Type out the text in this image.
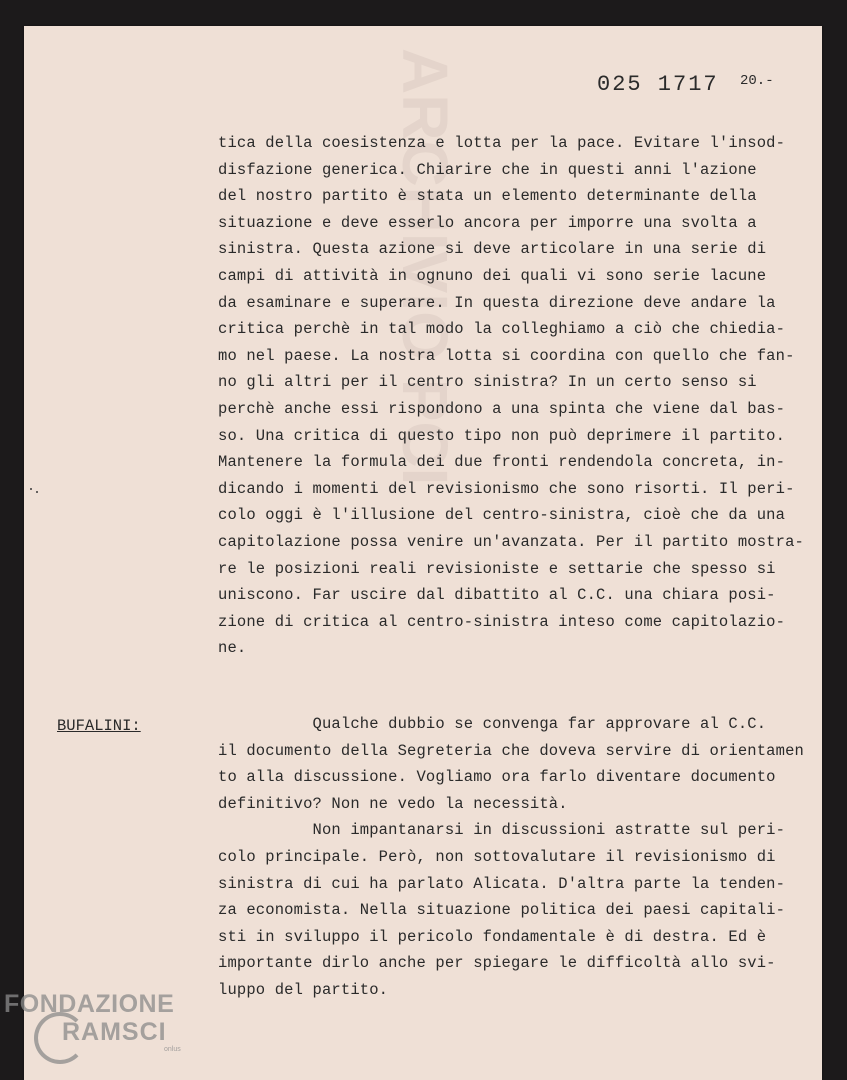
ARCHIVIO PCI	025 1717 20.-
tica della coesistenza e lotta per la pace. Evitare l'insod-
disfazione generica. Chiarire che in questi anni l'azione
del nostro partito è stata un elemento determinante della
situazione e deve esserlo ancora per imporre una svolta a
sinistra. Questa azione si deve articolare in una serie di
campi di attività in ognuno dei quali vi sono serie lacune
da esaminare e superare. In questa direzione deve andare la
critica perchè in tal modo la colleghiamo a ciò che chiedia-
mo nel paese. La nostra lotta si coordina con quello che fan-
no gli altri per il centro sinistra? In un certo senso si
perchè anche essi rispondono a una spinta che viene dal bas-
so. Una critica di questo tipo non può deprimere il partito.
Mantenere la formula dei due fronti rendendola concreta, in-
dicando i momenti del revisionismo che sono risorti. Il peri-
colo oggi è l'illusione del centro-sinistra, cioè che da una
capitolazione possa venire un'avanzata. Per il partito mostra-
re le posizioni reali revisioniste e settarie che spesso si
uniscono. Far uscire dal dibattito al C.C. una chiara posi-
zione di critica al centro-sinistra inteso come capitolazio-
ne.
BUFALINI:	Qualche dubbio se convenga far approvare al C.C.
il documento della Segreteria che doveva servire di orientamen
to alla discussione. Vogliamo ora farlo diventare documento
definitivo? Non ne vedo la necessità.
Non impantanarsi in discussioni astratte sul peri-
colo principale. Però, non sottovalutare il revisionismo di
sinistra di cui ha parlato Alicata. D'altra parte la tenden-
za economista. Nella situazione politica dei paesi capitali-
sti in sviluppo il pericolo fondamentale è di destra. Ed è
importante dirlo anche per spiegare le difficoltà allo svi-
luppo del partito.
FONDAZIONE
RAMSCI
onlus
